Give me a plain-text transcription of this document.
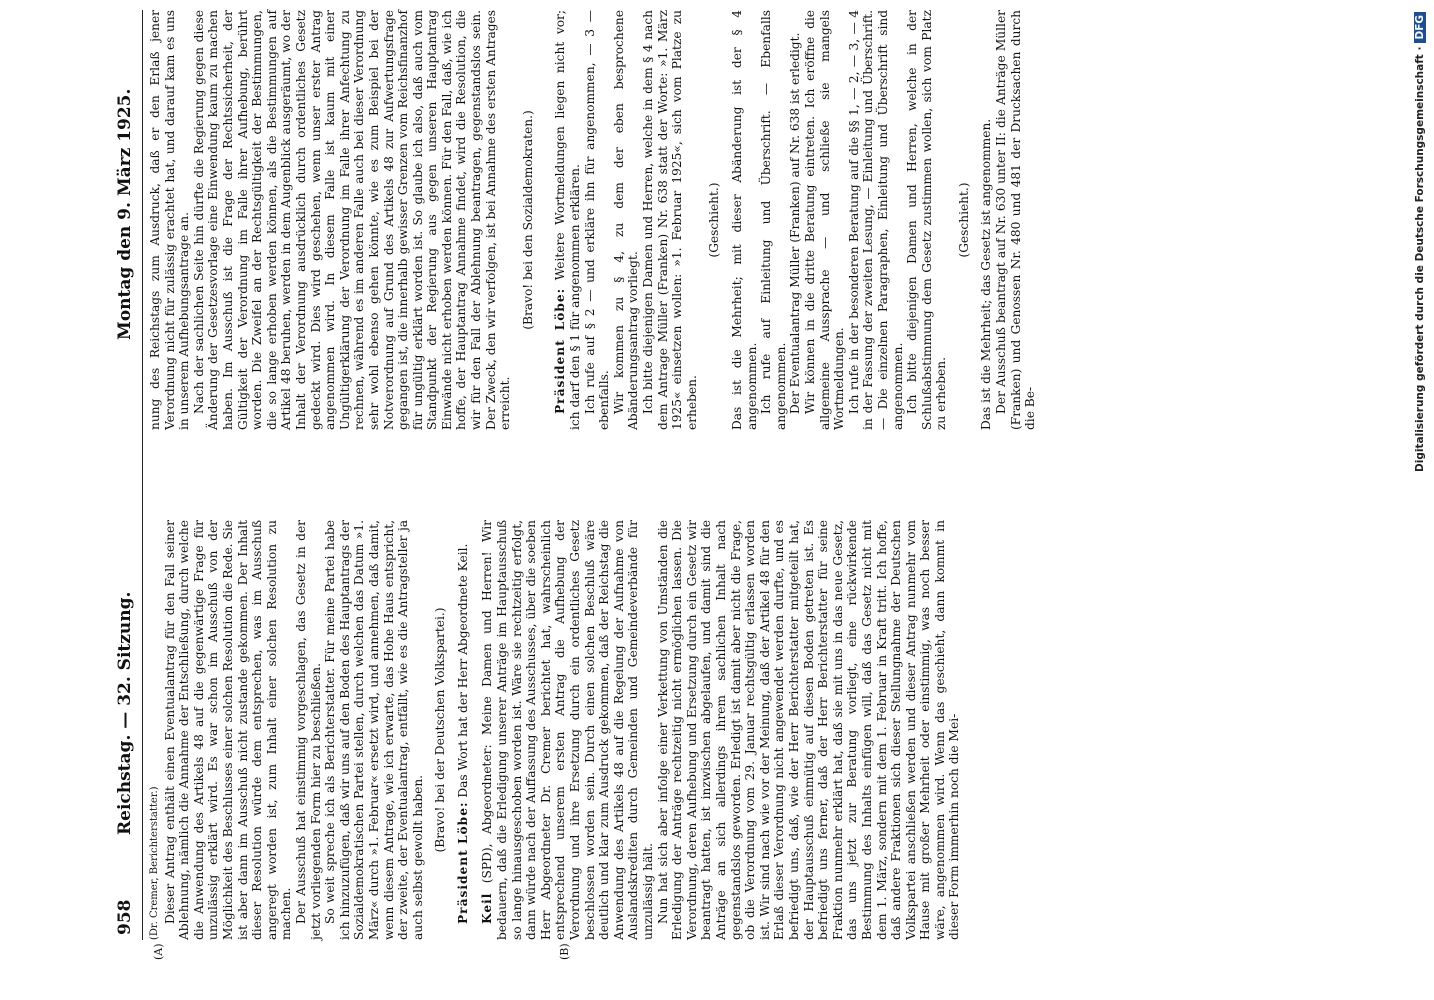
958
Reichstag. — 32. Sitzung.
Montag den 9. März 1925.
(A)	(B)

(Dr. Cremer, Berichterstatter.) Dieser Antrag enthält einen Eventualantrag für den Fall seiner Ablehnung, nämlich die Annahme der Entschließung, durch welche die Anwendung des Artikels 48 auf die gegenwärtige Frage für unzulässig erklärt wird. Es war schon im Ausschuß von der Möglichkeit des Beschlusses einer solchen Resolution die Rede. Sie ist aber dann im Ausschuß nicht zustande gekommen. Der Inhalt dieser Resolution würde dem entsprechen, was im Ausschuß angeregt worden ist, zum Inhalt einer solchen Resolution zu machen. Der Ausschuß hat einstimmig vorgeschlagen, das Gesetz in der jetzt vorliegenden Form hier zu beschließen. So weit spreche ich als Berichterstatter. Für meine Partei habe ich hinzuzufügen, daß wir uns auf den Boden des Hauptantrags der Sozialdemokratischen Partei stellen, durch welchen das Datum »1. März« durch »1. Februar« ersetzt wird, und annehmen, daß damit, wenn diesem Antrage, wie ich erwarte, das Hohe Haus entspricht, der zweite, der Eventualantrag, entfällt, wie es die Antragsteller ja auch selbst gewollt haben.

(Bravo! bei der Deutschen Volkspartei.)

Präsident Löbe: Das Wort hat der Herr Abgeordnete Keil.

Keil (SPD), Abgeordneter: Meine Damen und Herren! Wir bedauern, daß die Erledigung unserer Anträge im Hauptausschuß so lange hinausgeschoben worden ist. Wäre sie rechtzeitig erfolgt, dann würde nach der Auffassung des Ausschusses, über die soeben Herr Abgeordneter Dr. Cremer berichtet hat, wahrscheinlich entsprechend unserem ersten Antrag die Aufhebung der Verordnung und ihre Ersetzung durch ein ordentliches Gesetz beschlossen worden sein. Durch einen solchen Beschluß wäre deutlich und klar zum Ausdruck gekommen, daß der Reichstag die Anwendung des Artikels 48 auf die Regelung der Aufnahme von Auslandskrediten durch Gemeinden und Gemeindeverbände für unzulässig hält. Nun hat sich aber infolge einer Verkettung von Umständen die Erledigung der Anträge rechtzeitig nicht ermöglichen lassen. Die Verordnung, deren Aufhebung und Ersetzung durch ein Gesetz wir beantragt hatten, ist inzwischen abgelaufen, und damit sind die Anträge an sich allerdings ihrem sachlichen Inhalt nach gegenstandslos geworden. Erledigt ist damit aber nicht die Frage, ob die Verordnung vom 29. Januar rechtsgültig erlassen worden ist. Wir sind nach wie vor der Meinung, daß der Artikel 48 für den Erlaß dieser Verordnung nicht angewendet werden durfte, und es befriedigt uns, daß, wie der Herr Berichterstatter mitgeteilt hat, der Hauptausschuß einmütig auf diesen Boden getreten ist. Es befriedigt uns ferner, daß der Herr Berichterstatter für seine Fraktion nunmehr erklärt hat, daß sie mit uns in das neue Gesetz, das uns jetzt zur Beratung vorliegt, eine rückwirkende Bestimmung des Inhalts einfügen will, daß das Gesetz nicht mit dem 1. März, sondern mit dem 1. Februar in Kraft tritt. Ich hoffe, daß andere Fraktionen sich dieser Stellungnahme der Deutschen Volkspartei anschließen werden und dieser Antrag nunmehr vom Hause mit großer Mehrheit oder einstimmig, was noch besser wäre, angenommen wird. Wenn das geschieht, dann kommt in dieser Form immerhin noch die Mei-

nung des Reichstags zum Ausdruck, daß er den Erlaß jener Verordnung nicht für zulässig erachtet hat, und darauf kam es uns in unserem Aufhebungsantrage an. Nach der sachlichen Seite hin dürfte die Regierung gegen diese Änderung der Gesetzesvorlage eine Einwendung kaum zu machen haben. Im Ausschuß ist die Frage der Rechtssicherheit, der Gültigkeit der Verordnung im Falle ihrer Aufhebung, berührt worden. Die Zweifel an der Rechtsgültigkeit der Bestimmungen, die so lange erhoben werden können, als die Bestimmungen auf Artikel 48 beruhen, werden in dem Augenblick ausgeräumt, wo der Inhalt der Verordnung ausdrücklich durch ordentliches Gesetz gedeckt wird. Dies wird geschehen, wenn unser erster Antrag angenommen wird. In diesem Falle ist kaum mit einer Ungültigerklärung der Verordnung im Falle ihrer Anfechtung zu rechnen, während es im anderen Falle auch bei dieser Verordnung sehr wohl ebenso gehen könnte, wie es zum Beispiel bei der Notverordnung auf Grund des Artikels 48 zur Aufwertungsfrage gegangen ist, die innerhalb gewisser Grenzen vom Reichsfinanzhof für ungültig erklärt worden ist. So glaube ich also, daß auch vom Standpunkt der Regierung aus gegen unseren Hauptantrag Einwände nicht erhoben werden können. Für den Fall, daß, wie ich hoffe, der Hauptantrag Annahme findet, wird die Resolution, die wir für den Fall der Ablehnung beantragen, gegenstandslos sein. Der Zweck, den wir verfolgen, ist bei Annahme des ersten Antrages erreicht.

(Bravo! bei den Sozialdemokraten.)

Präsident Löbe: Weitere Wortmeldungen liegen nicht vor; ich darf den § 1 für angenommen erklären. Ich rufe auf § 2 — und erkläre ihn für angenommen, — 3 — ebenfalls. Wir kommen zu § 4, zu dem der eben besprochene Abänderungsantrag vorliegt. Ich bitte diejenigen Damen und Herren, welche in dem § 4 nach dem Antrage Müller (Franken) Nr. 638 statt der Worte: »1. März 1925« einsetzen wollen: »1. Februar 1925«, sich vom Platze zu erheben.

(Geschieht.) Das ist die Mehrheit; mit dieser Abänderung ist der § 4 angenommen. Ich rufe auf Einleitung und Überschrift. — Ebenfalls angenommen. Der Eventualantrag Müller (Franken) auf Nr. 638 ist erledigt. Wir können in die dritte Beratung eintreten. Ich eröffne die allgemeine Aussprache — und schließe sie mangels Wortmeldungen. Ich rufe in der besonderen Beratung auf die §§ 1, — 2, — 3, — 4 in der Fassung der zweiten Lesung, — Einleitung und Überschrift. — Die einzelnen Paragraphen, Einleitung und Überschrift sind angenommen. Ich bitte diejenigen Damen und Herren, welche in der Schlußabstimmung dem Gesetz zustimmen wollen, sich vom Platz zu erheben.

(Geschieht.) Das ist die Mehrheit; das Gesetz ist angenommen. Der Ausschuß beantragt auf Nr. 630 unter II: die Anträge Müller (Franken) und Genossen Nr. 480 und 481 der Drucksachen durch die Be-	Digitalisierung gefördert durch die Deutsche Forschungsgemeinschaft ·DFG
